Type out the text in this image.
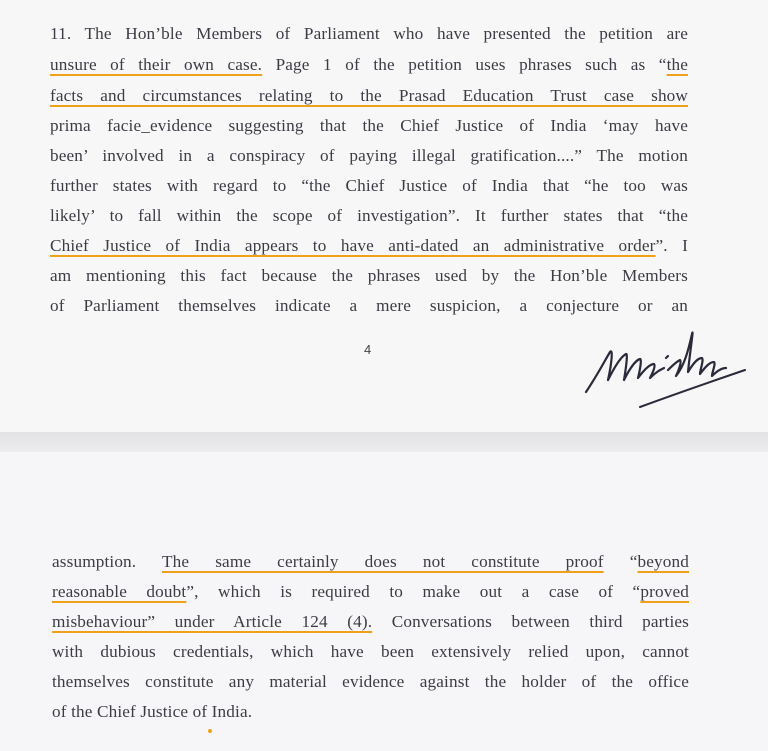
11. The Hon’ble Members of Parliament who have presented the petition are
unsure of their own case. Page 1 of the petition uses phrases such as “the
facts and circumstances relating to the Prasad Education Trust case show
prima facie_evidence suggesting that the Chief Justice of India ‘may have
been’ involved in a conspiracy of paying illegal gratification....” The motion
further states with regard to “the Chief Justice of India that “he too was
likely’ to fall within the scope of investigation”. It further states that “the
Chief Justice of India appears to have anti-dated an administrative order”. I
am mentioning this fact because the phrases used by the Hon’ble Members
of Parliament themselves indicate a mere suspicion, a conjecture or an
4
assumption. The same certainly does not constitute proof “beyond
reasonable doubt”, which is required to make out a case of “proved
misbehaviour” under Article 124 (4). Conversations between third parties
with dubious credentials, which have been extensively relied upon, cannot
themselves constitute any material evidence against the holder of the office
of the Chief Justice of India.
